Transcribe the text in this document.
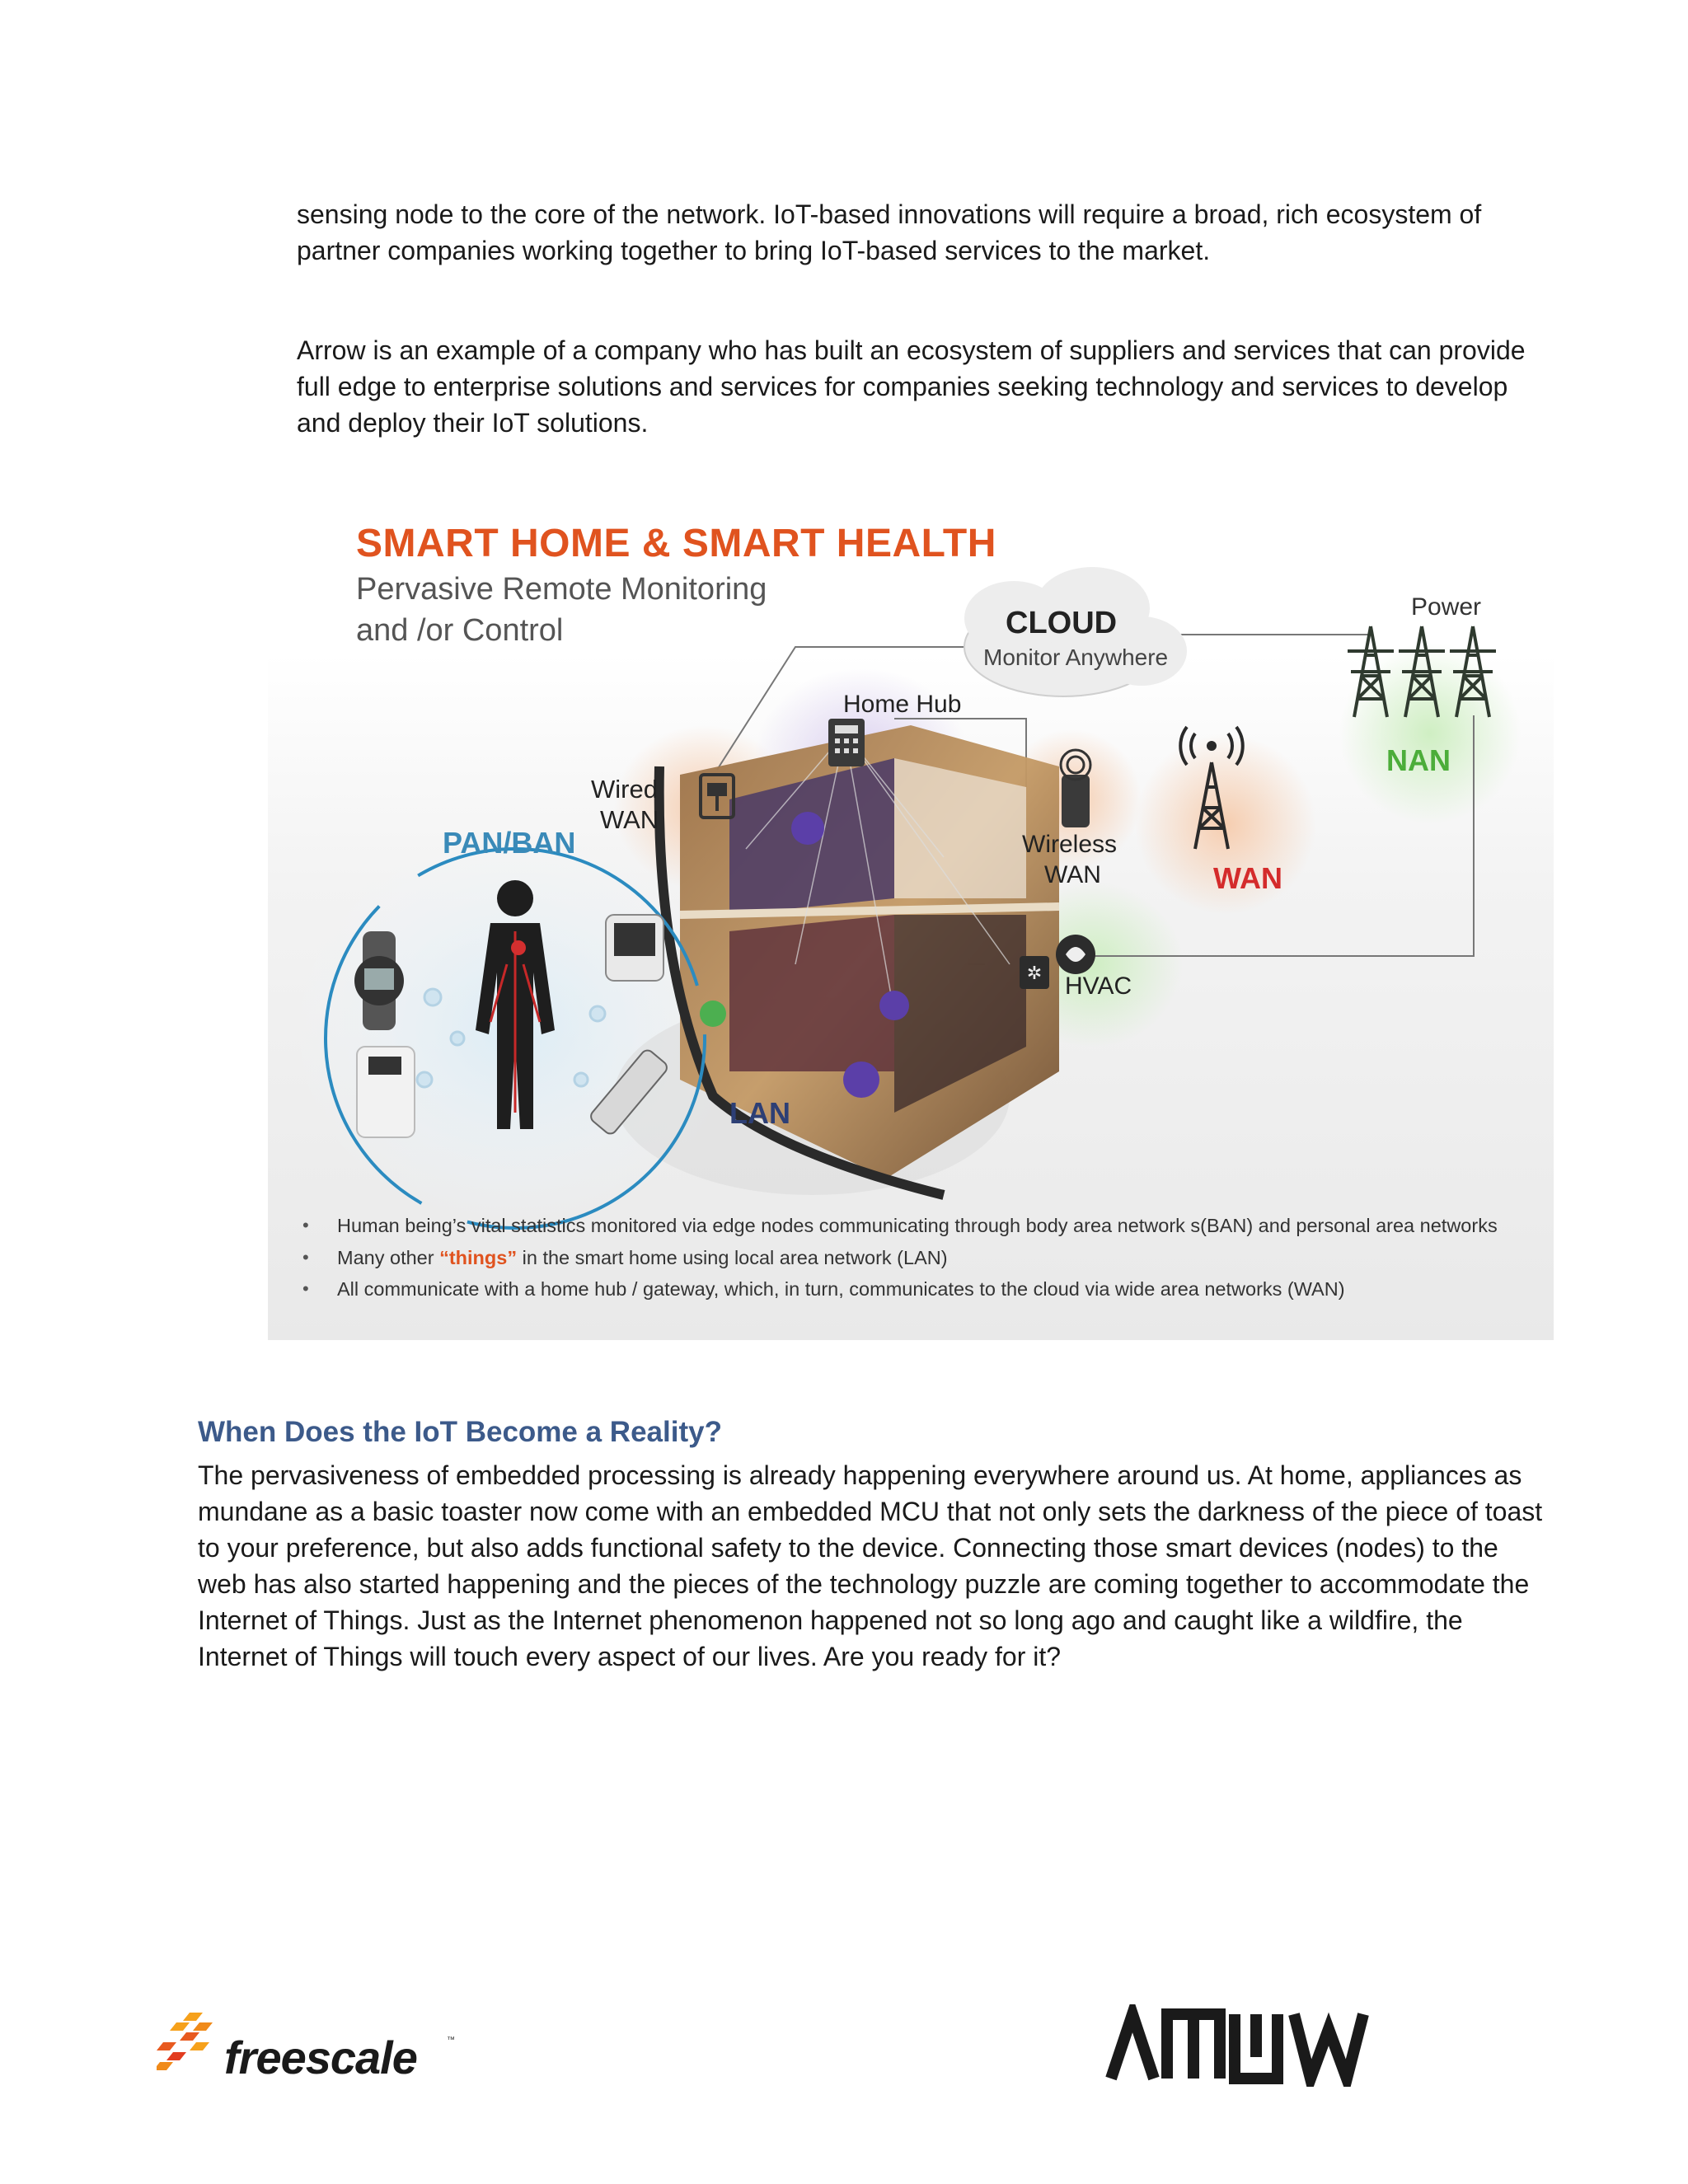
sensing node to the core of the network. IoT-based innovations will require a broad, rich ecosystem of partner companies working together to bring IoT-based services to the market.

Arrow is an example of a company who has built an ecosystem of suppliers and services that can provide full edge to enterprise solutions and services for companies seeking technology and services to develop and deploy their IoT solutions.

✲

SMART HOME & SMART HEALTH

Pervasive Remote Monitoring

and /or Control

Power

CLOUD

Monitor Anywhere

Home Hub

Wired

WAN

PAN/BAN	Wireless

WAN	WAN

NAN

HVAC

LAN

• Human being’s vital statistics monitored via edge nodes communicating through body area network s(BAN) and personal area networks
• Many other “things” in the smart home using local area network (LAN)
• All communicate with a home hub / gateway, which, in turn, communicates to the cloud via wide area networks (WAN)
When Does the IoT Become a Reality?

The pervasiveness of embedded processing is already happening everywhere around us. At home, appliances as mundane as a basic toaster now come with an embedded MCU that not only sets the darkness of the piece of toast to your preference, but also adds functional safety to the device. Connecting those smart devices (nodes) to the web has also started happening and the pieces of the technology puzzle are coming together to accommodate the Internet of Things. Just as the Internet phenomenon happened not so long ago and caught like a wildfire, the Internet of Things will touch every aspect of our lives. Are you ready for it?

freescale	™
